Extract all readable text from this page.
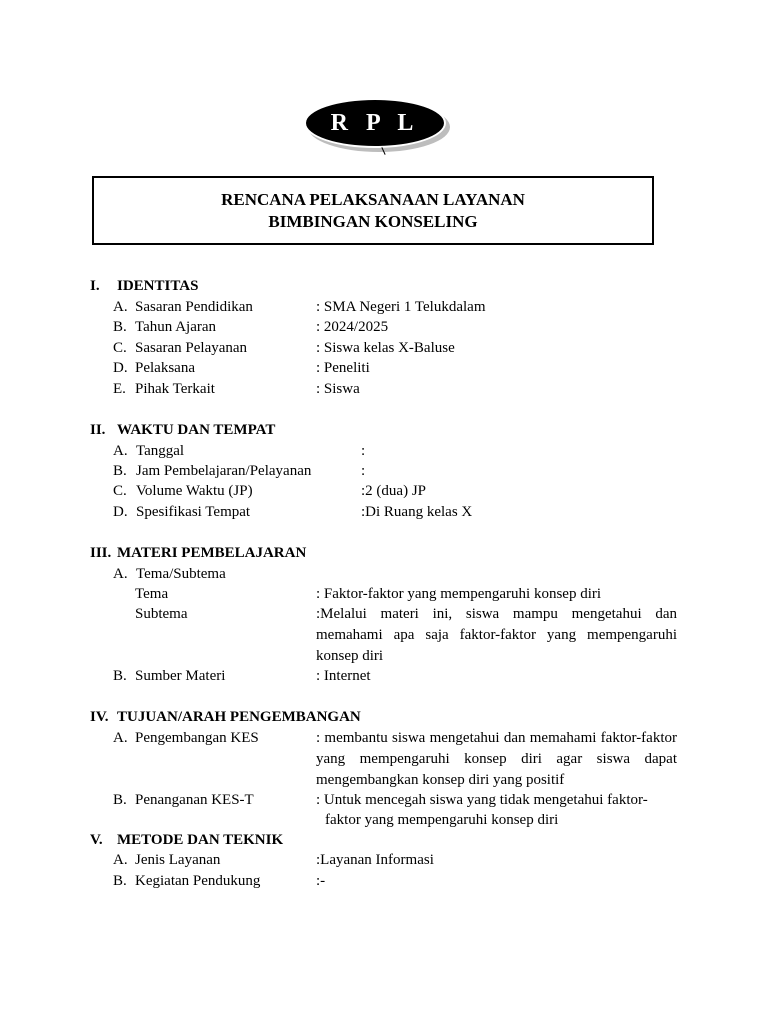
R P L
RENCANA PELAKSANAAN LAYANAN
BIMBINGAN KONSELING
I. IDENTITAS
A. Sasaran Pendidikan	: SMA Negeri 1 Telukdalam
B. Tahun Ajaran	: 2024/2025
C. Sasaran Pelayanan	: Siswa kelas X-Baluse
D. Pelaksana	: Peneliti
E. Pihak Terkait	: Siswa
II. WAKTU DAN TEMPAT
A. Tanggal	:
B. Jam Pembelajaran/Pelayanan	:
C. Volume Waktu (JP)	:2 (dua) JP
D. Spesifikasi Tempat	:Di Ruang kelas X
III. MATERI PEMBELAJARAN
A. Tema/Subtema
Tema	: Faktor-faktor yang mempengaruhi konsep diri
Subtema	:Melalui materi ini, siswa mampu mengetahui dan memahami apa saja faktor-faktor yang mempengaruhi konsep diri
B. Sumber Materi	: Internet
IV. TUJUAN/ARAH PENGEMBANGAN
A. Pengembangan KES	: membantu siswa mengetahui dan memahami faktor-faktor yang mempengaruhi konsep diri agar siswa dapat mengembangkan konsep diri yang positif
B. Penanganan KES-T	: Untuk mencegah siswa yang tidak mengetahui faktor-
faktor yang mempengaruhi konsep diri
V. METODE DAN TEKNIK
A. Jenis Layanan	:Layanan Informasi
B. Kegiatan Pendukung	:-
